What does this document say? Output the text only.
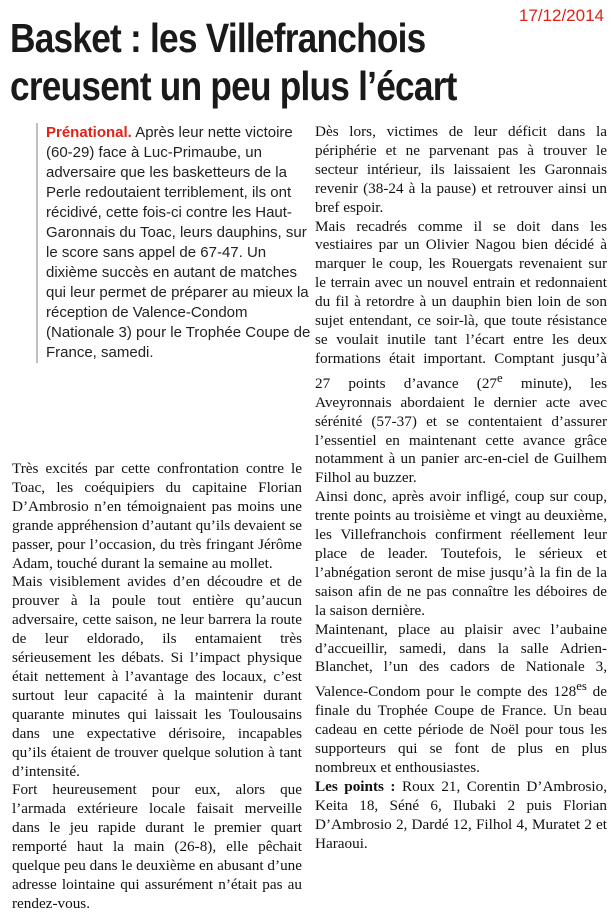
17/12/2014
Basket : les Villefranchois
creusent un peu plus l’écart

Prénational. Après leur nette victoire (60-29) face à Luc-Primaube, un adversaire que les basketteurs de la Perle redoutaient terriblement, ils ont récidivé, cette fois-ci contre les Haut-Garonnais du Toac, leurs dauphins, sur le score sans appel de 67-47. Un dixième succès en autant de matches qui leur permet de préparer au mieux la réception de Valence-Condom (Nationale 3) pour le Trophée Coupe de France, samedi.

Très excités par cette confrontation contre le Toac, les coéquipiers du capitaine Florian D’Ambrosio n’en témoignaient pas moins une grande appréhension d’autant qu’ils devaient se passer, pour l’occasion, du très fringant Jérôme Adam, touché durant la semaine au mollet.

Mais visiblement avides d’en découdre et de prouver à la poule tout entière qu’aucun adversaire, cette saison, ne leur barrera la route de leur eldorado, ils entamaient très sérieusement les débats. Si l’impact physique était nettement à l’avantage des locaux, c’est surtout leur capacité à la maintenir durant quarante minutes qui laissait les Toulousains dans une expectative dérisoire, incapables qu’ils étaient de trouver quelque solution à tant d’intensité.

Fort heureusement pour eux, alors que l’armada extérieure locale faisait merveille dans le jeu rapide durant le premier quart remporté haut la main (26-8), elle pêchait quelque peu dans le deuxième en abusant d’une adresse lointaine qui assurément n’était pas au rendez-vous.

Dès lors, victimes de leur déficit dans la périphérie et ne parvenant pas à trouver le secteur intérieur, ils laissaient les Garonnais revenir (38-24 à la pause) et retrouver ainsi un bref espoir.

Mais recadrés comme il se doit dans les vestiaires par un Olivier Nagou bien décidé à marquer le coup, les Rouergats revenaient sur le terrain avec un nouvel entrain et redonnaient du fil à retordre à un dauphin bien loin de son sujet entendant, ce soir-là, que toute résistance se voulait inutile tant l’écart entre les deux formations était important. Comptant jusqu’à 27 points d’avance (27e minute), les Aveyronnais abordaient le dernier acte avec sérénité (57-37) et se contentaient d’assurer l’essentiel en maintenant cette avance grâce notamment à un panier arc-en-ciel de Guilhem Filhol au buzzer.

Ainsi donc, après avoir infligé, coup sur coup, trente points au troisième et vingt au deuxième, les Villefranchois confirment réellement leur place de leader. Toutefois, le sérieux et l’abnégation seront de mise jusqu’à la fin de la saison afin de ne pas connaître les déboires de la saison dernière.

Maintenant, place au plaisir avec l’aubaine d’accueillir, samedi, dans la salle Adrien-Blanchet, l’un des cadors de Nationale 3, Valence-Condom pour le compte des $128^{es}$ de finale du Trophée Coupe de France. Un beau cadeau en cette période de Noël pour tous les supporteurs qui se font de plus en plus nombreux et enthousiastes.

Les points : Roux 21, Corentin D’Ambrosio, Keita 18, Séné 6, Ilubaki 2 puis Florian D’Ambrosio 2, Dardé 12, Filhol 4, Muratet 2 et Haraoui.
